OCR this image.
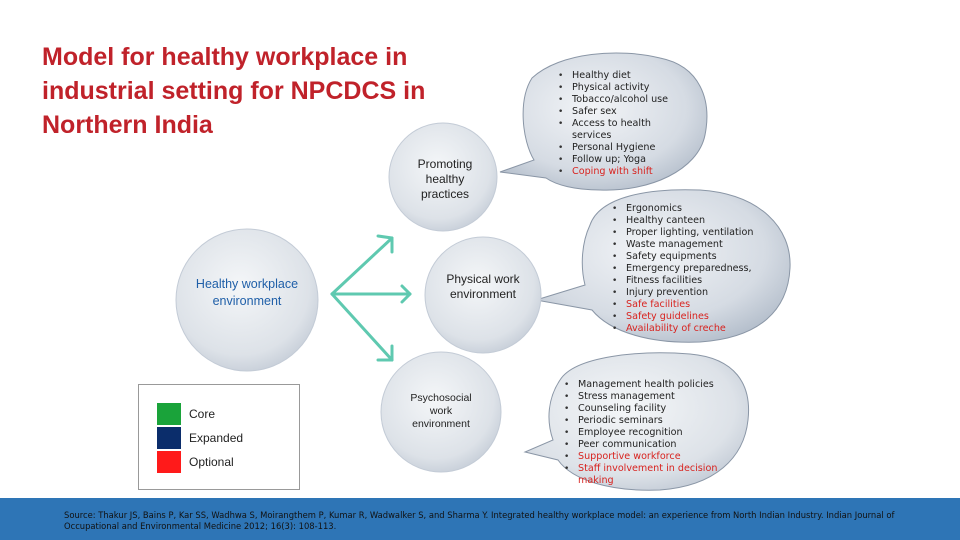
Model for healthy workplace in industrial setting for NPCDCS in Northern India
Healthy workplace environment
Promoting healthy practices
Physical work environment
Psychosocial work environment
• Healthy diet
• Physical activity
• Tobacco/alcohol use
• Safer sex
• Access to health services
• Personal Hygiene
• Follow up; Yoga
• Coping with shift
• Ergonomics
• Healthy canteen
• Proper lighting, ventilation
• Waste management
• Safety equipments
• Emergency preparedness,
• Fitness facilities
• Injury prevention
• Safe facilities
• Safety guidelines
• Availability of creche
• Management health policies
• Stress management
• Counseling facility
• Periodic seminars
• Employee recognition
• Peer communication
• Supportive workforce
• Staff involvement in decision making
Core
Expanded
Optional

Source: Thakur JS, Bains P, Kar SS, Wadhwa S, Moirangthem P, Kumar R, Wadwalker S, and Sharma Y. Integrated healthy workplace model: an experience from North Indian Industry. Indian Journal of Occupational and Environmental Medicine 2012; 16(3): 108-113.
